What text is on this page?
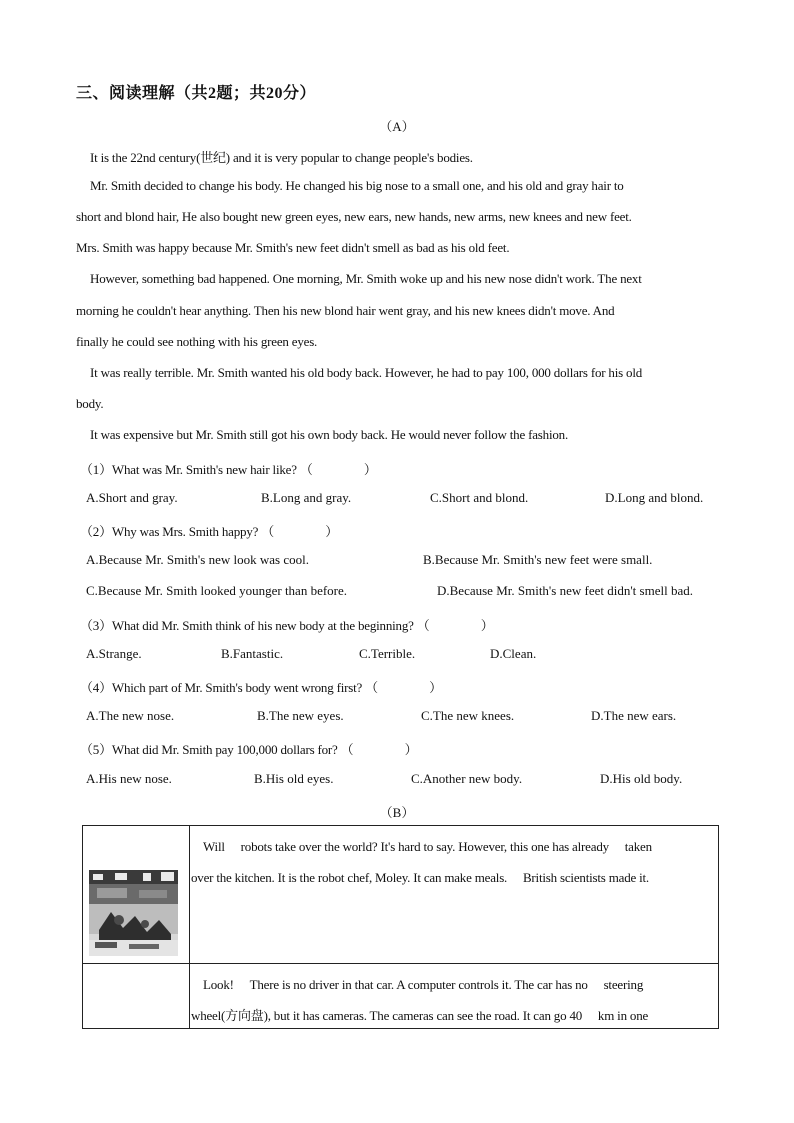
三、阅读理解（共2题；共20分）
（A）
It is the 22nd century(世纪) and it is very popular to change people's bodies.
Mr. Smith decided to change his body. He changed his big nose to a small one, and his old and gray hair to
short and blond hair, He also bought new green eyes, new ears, new hands, new arms, new knees and new feet.
Mrs. Smith was happy because Mr. Smith's new feet didn't smell as bad as his old feet.
However, something bad happened. One morning, Mr. Smith woke up and his new nose didn't work. The next
morning he couldn't hear anything. Then his new blond hair went gray, and his new knees didn't move. And
finally he could see nothing with his green eyes.
It was really terrible. Mr. Smith wanted his old body back. However, he had to pay 100, 000 dollars for his old
body.
It was expensive but Mr. Smith still got his own body back. He would never follow the fashion.
（1）What was Mr. Smith's new hair like? （　　　　）
A.Short and gray.	B.Long and gray.	C.Short and blond.	D.Long and blond.
（2）Why was Mrs. Smith happy? （　　　　）
A.Because Mr. Smith's new look was cool.	B.Because Mr. Smith's new feet were small.
C.Because Mr. Smith looked younger than before.	D.Because Mr. Smith's new feet didn't smell bad.
（3）What did Mr. Smith think of his new body at the beginning? （　　　　）
A.Strange.	B.Fantastic.	C.Terrible.	D.Clean.
（4）Which part of Mr. Smith's body went wrong first? （　　　　）
A.The new nose.	B.The new eyes.	C.The new knees.	D.The new ears.
（5）What did Mr. Smith pay 100,000 dollars for? （　　　　）
A.His new nose.	B.His old eyes.	C.Another new body.	D.His old body.
（B）
Will 　robots take over the world? It's hard to say. However, this one has already 　taken
over the kitchen. It is the robot chef, Moley. It can make meals. 　British scientists made it.
Look! 　There is no driver in that car. A computer controls it. The car has no 　steering
wheel(方向盘), but it has cameras. The cameras can see the road. It can go 40 　km in one
